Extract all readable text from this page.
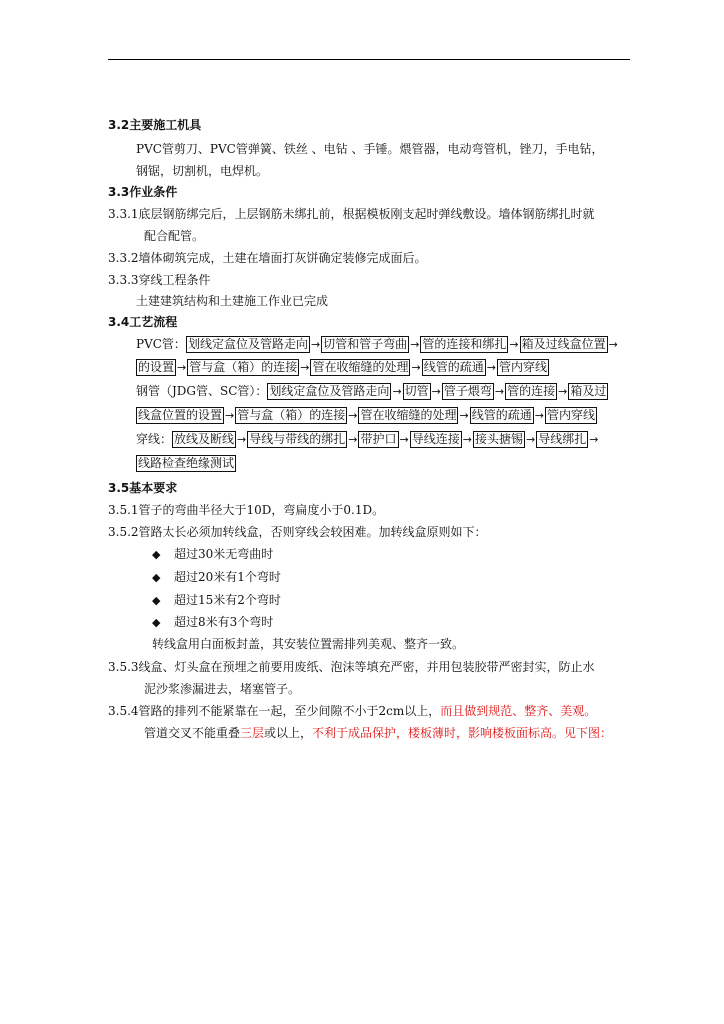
3.2主要施工机具
PVC管剪刀、PVC管弹簧、铁丝 、电钻 、手锤。煨管器，电动弯管机，锉刀，手电钻，
钢锯，切割机，电焊机。
3.3作业条件
3.3.1底层钢筋绑完后，上层钢筋未绑扎前，根据模板刚支起时弹线敷设。墙体钢筋绑扎时就
配合配管。
3.3.2墙体砌筑完成，土建在墙面打灰饼确定装修完成面后。
3.3.3穿线工程条件
土建建筑结构和土建施工作业已完成
3.4工艺流程
PVC管： 划线定盒位及管路走向 → 切管和管子弯曲 → 管的连接和绑扎 → 箱及过线盒位置 →
的设置 → 管与盒（箱）的连接 → 管在收缩缝的处理 → 线管的疏通 → 管内穿线
钢管（JDG管、SC管）： 划线定盒位及管路走向 → 切管 → 管子煨弯 → 管的连接 → 箱及过
线盒位置的设置 → 管与盒（箱）的连接 → 管在收缩缝的处理 → 线管的疏通 → 管内穿线
穿线： 放线及断线 → 导线与带线的绑扎 → 带护口 → 导线连接 → 接头搪锡 → 导线绑扎 →
线路检查绝缘测试
3.5基本要求
3.5.1管子的弯曲半径大于10D，弯扁度小于0.1D。
3.5.2管路太长必须加转线盒，否则穿线会较困难。加转线盒原则如下：
◆ 超过30米无弯曲时
◆ 超过20米有1个弯时
◆ 超过15米有2个弯时
◆ 超过8米有3个弯时
转线盒用白面板封盖，其安装位置需排列美观、整齐一致。
3.5.3线盒、灯头盒在预埋之前要用废纸、泡沫等填充严密，并用包装胶带严密封实，防止水
泥沙浆渗漏进去，堵塞管子。
3.5.4管路的排列不能紧靠在一起，至少间隙不小于2cm以上，而且做到规范、整齐、美观。
管道交叉不能重叠三层或以上，不利于成品保护，楼板薄时，影响楼板面标高。见下图：
